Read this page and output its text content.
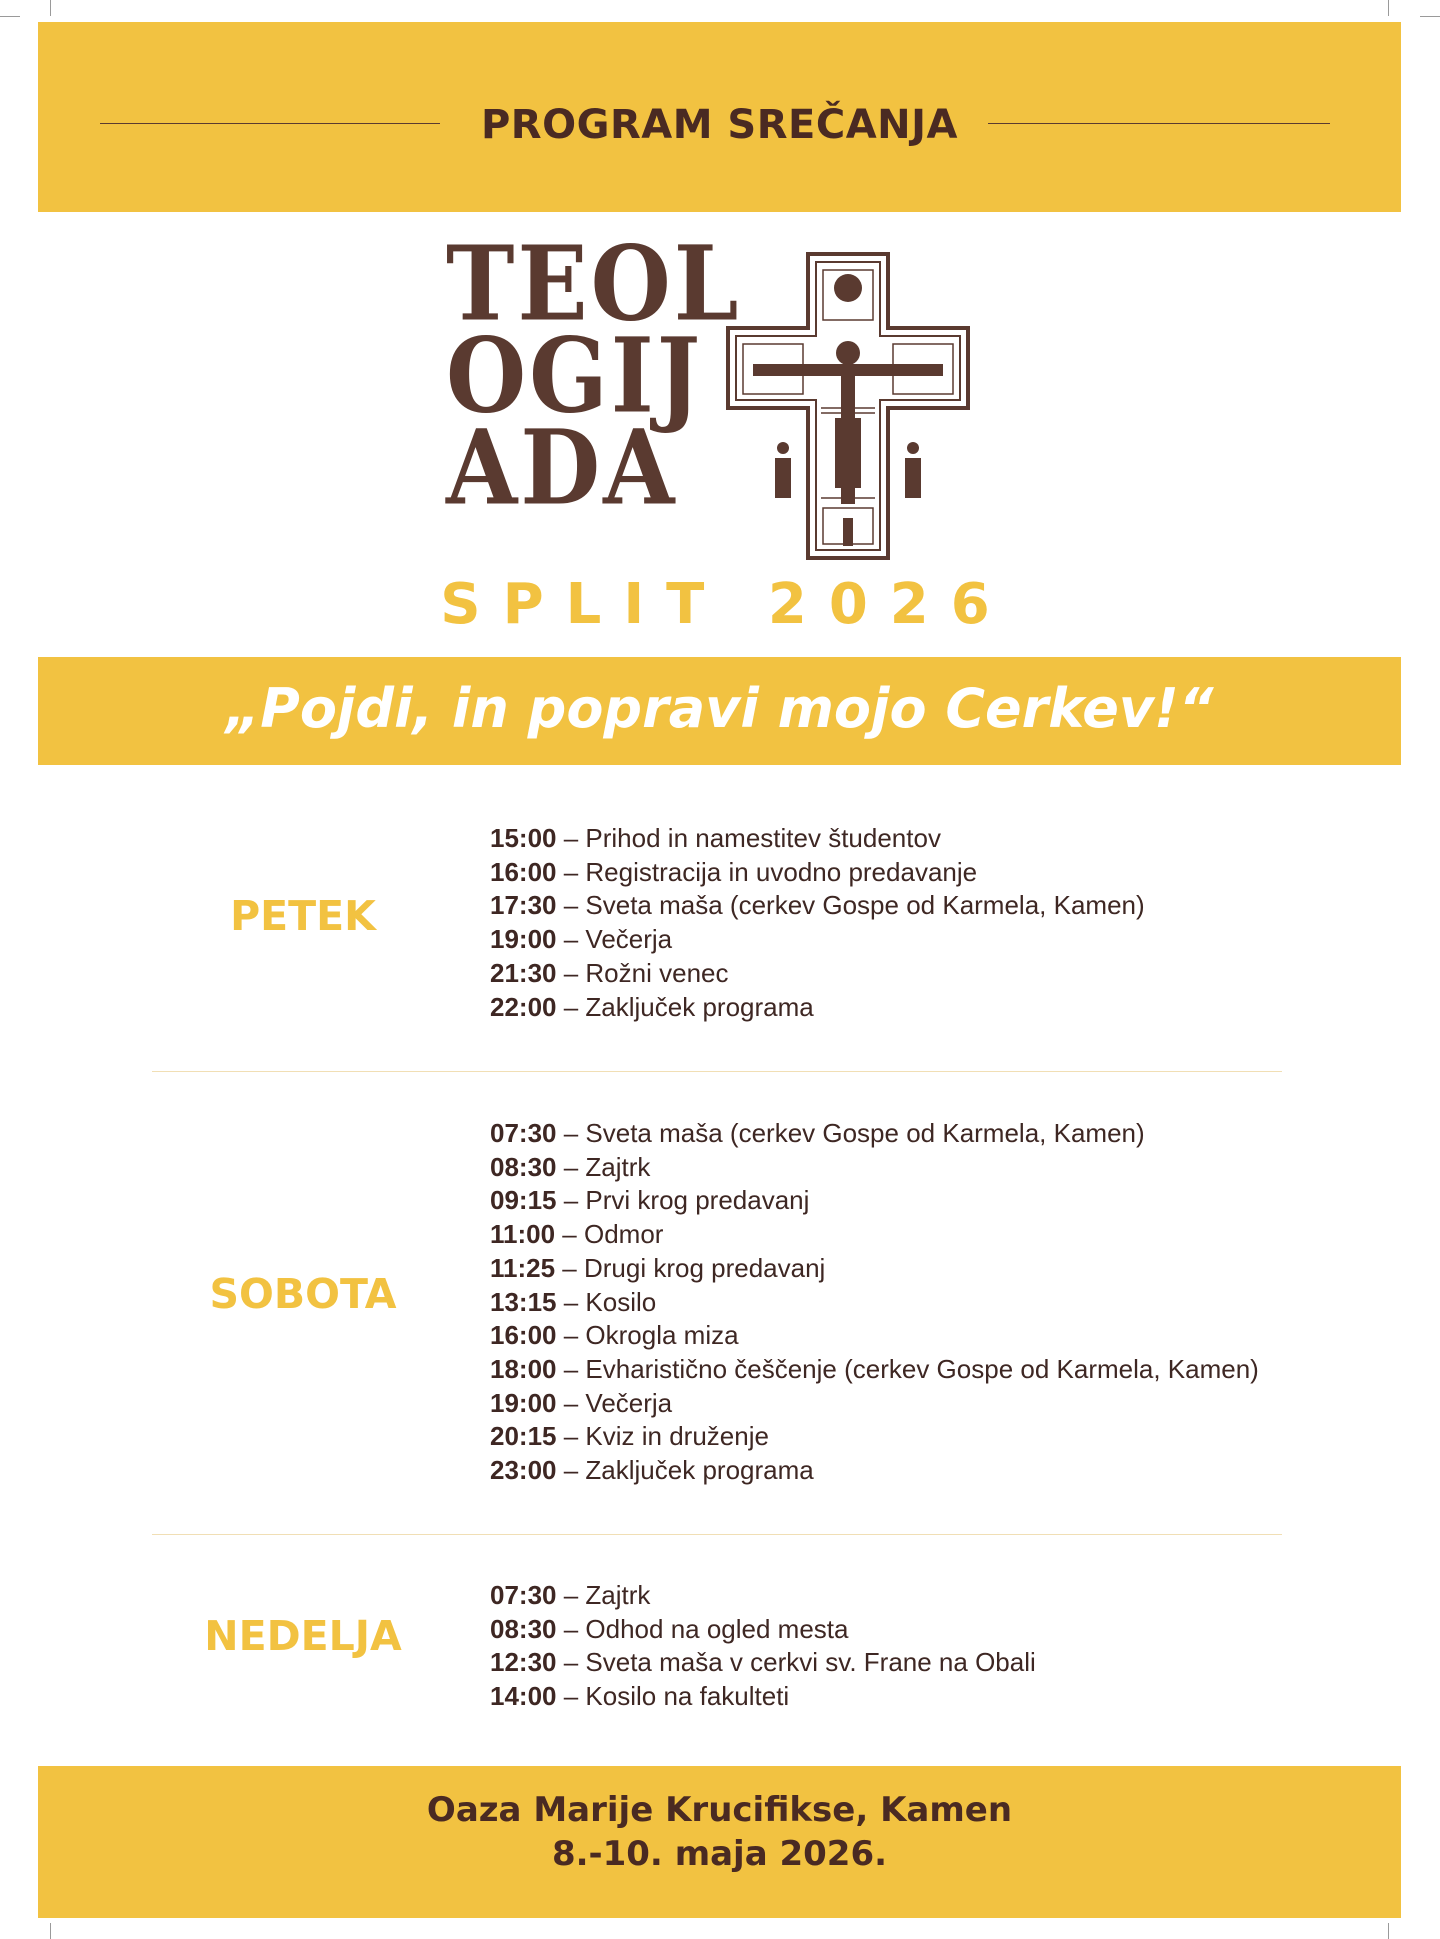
PROGRAM SREČANJA
TEOL
OGIJ
ADA
SPLIT 2026
„Pojdi, in popravi mojo Cerkev!“
PETEK
15:00 – Prihod in namestitev študentov
16:00 – Registracija in uvodno predavanje
17:30 – Sveta maša (cerkev Gospe od Karmela, Kamen)
19:00 – Večerja
21:30 – Rožni venec
22:00 – Zaključek programa
SOBOTA
07:30 – Sveta maša (cerkev Gospe od Karmela, Kamen)
08:30 – Zajtrk
09:15 – Prvi krog predavanj
11:00 – Odmor
11:25 – Drugi krog predavanj
13:15 – Kosilo
16:00 – Okrogla miza
18:00 – Evharistično češčenje (cerkev Gospe od Karmela, Kamen)
19:00 – Večerja
20:15 – Kviz in druženje
23:00 – Zaključek programa
NEDELJA
07:30 – Zajtrk
08:30 – Odhod na ogled mesta
12:30 – Sveta maša v cerkvi sv. Frane na Obali
14:00 – Kosilo na fakulteti
Oaza Marije Krucifikse, Kamen
8.-10. maja 2026.
